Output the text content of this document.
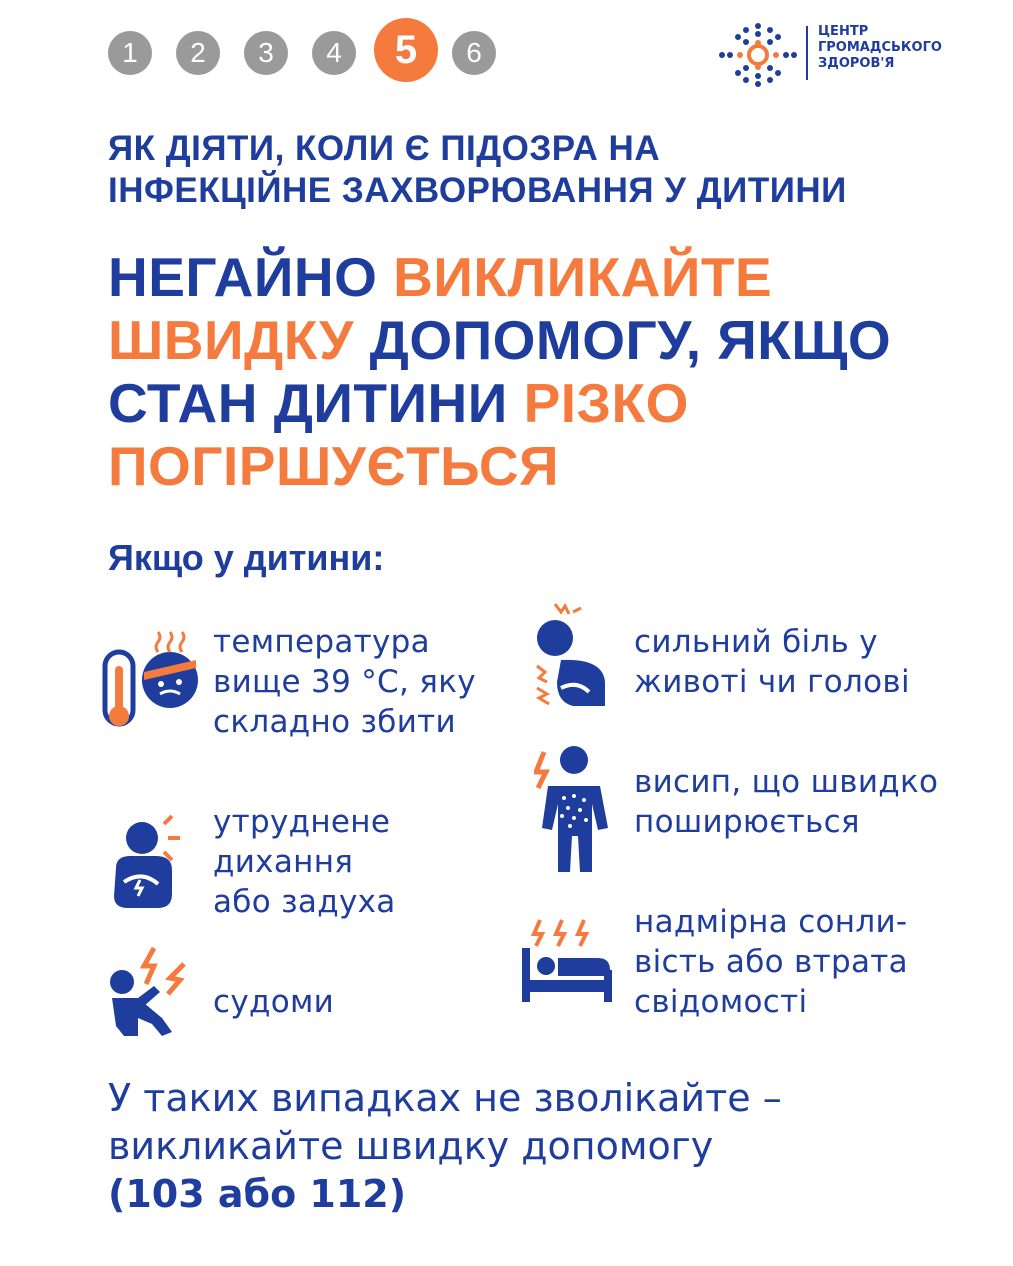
1	2	3	4	5	6
ЦЕНТР
ГРОМАДСЬКОГО
ЗДОРОВ'Я
ЯК ДІЯТИ, КОЛИ Є ПІДОЗРА НА
ІНФЕКЦІЙНЕ ЗАХВОРЮВАННЯ У ДИТИНИ
НЕГАЙНО ВИКЛИКАЙТЕ
ШВИДКУ ДОПОМОГУ, ЯКЩО
СТАН ДИТИНИ РІЗКО
ПОГІРШУЄТЬСЯ
Якщо у дитини:
температура
вище 39 °С, яку
складно збити
утруднене
дихання
або задуха
судоми
сильний біль у
животі чи голові
висип, що швидко
поширюється
надмірна сонли-
вість або втрата
свідомості
У таких випадках не зволікайте –
викликайте швидку допомогу
(103 або 112)
